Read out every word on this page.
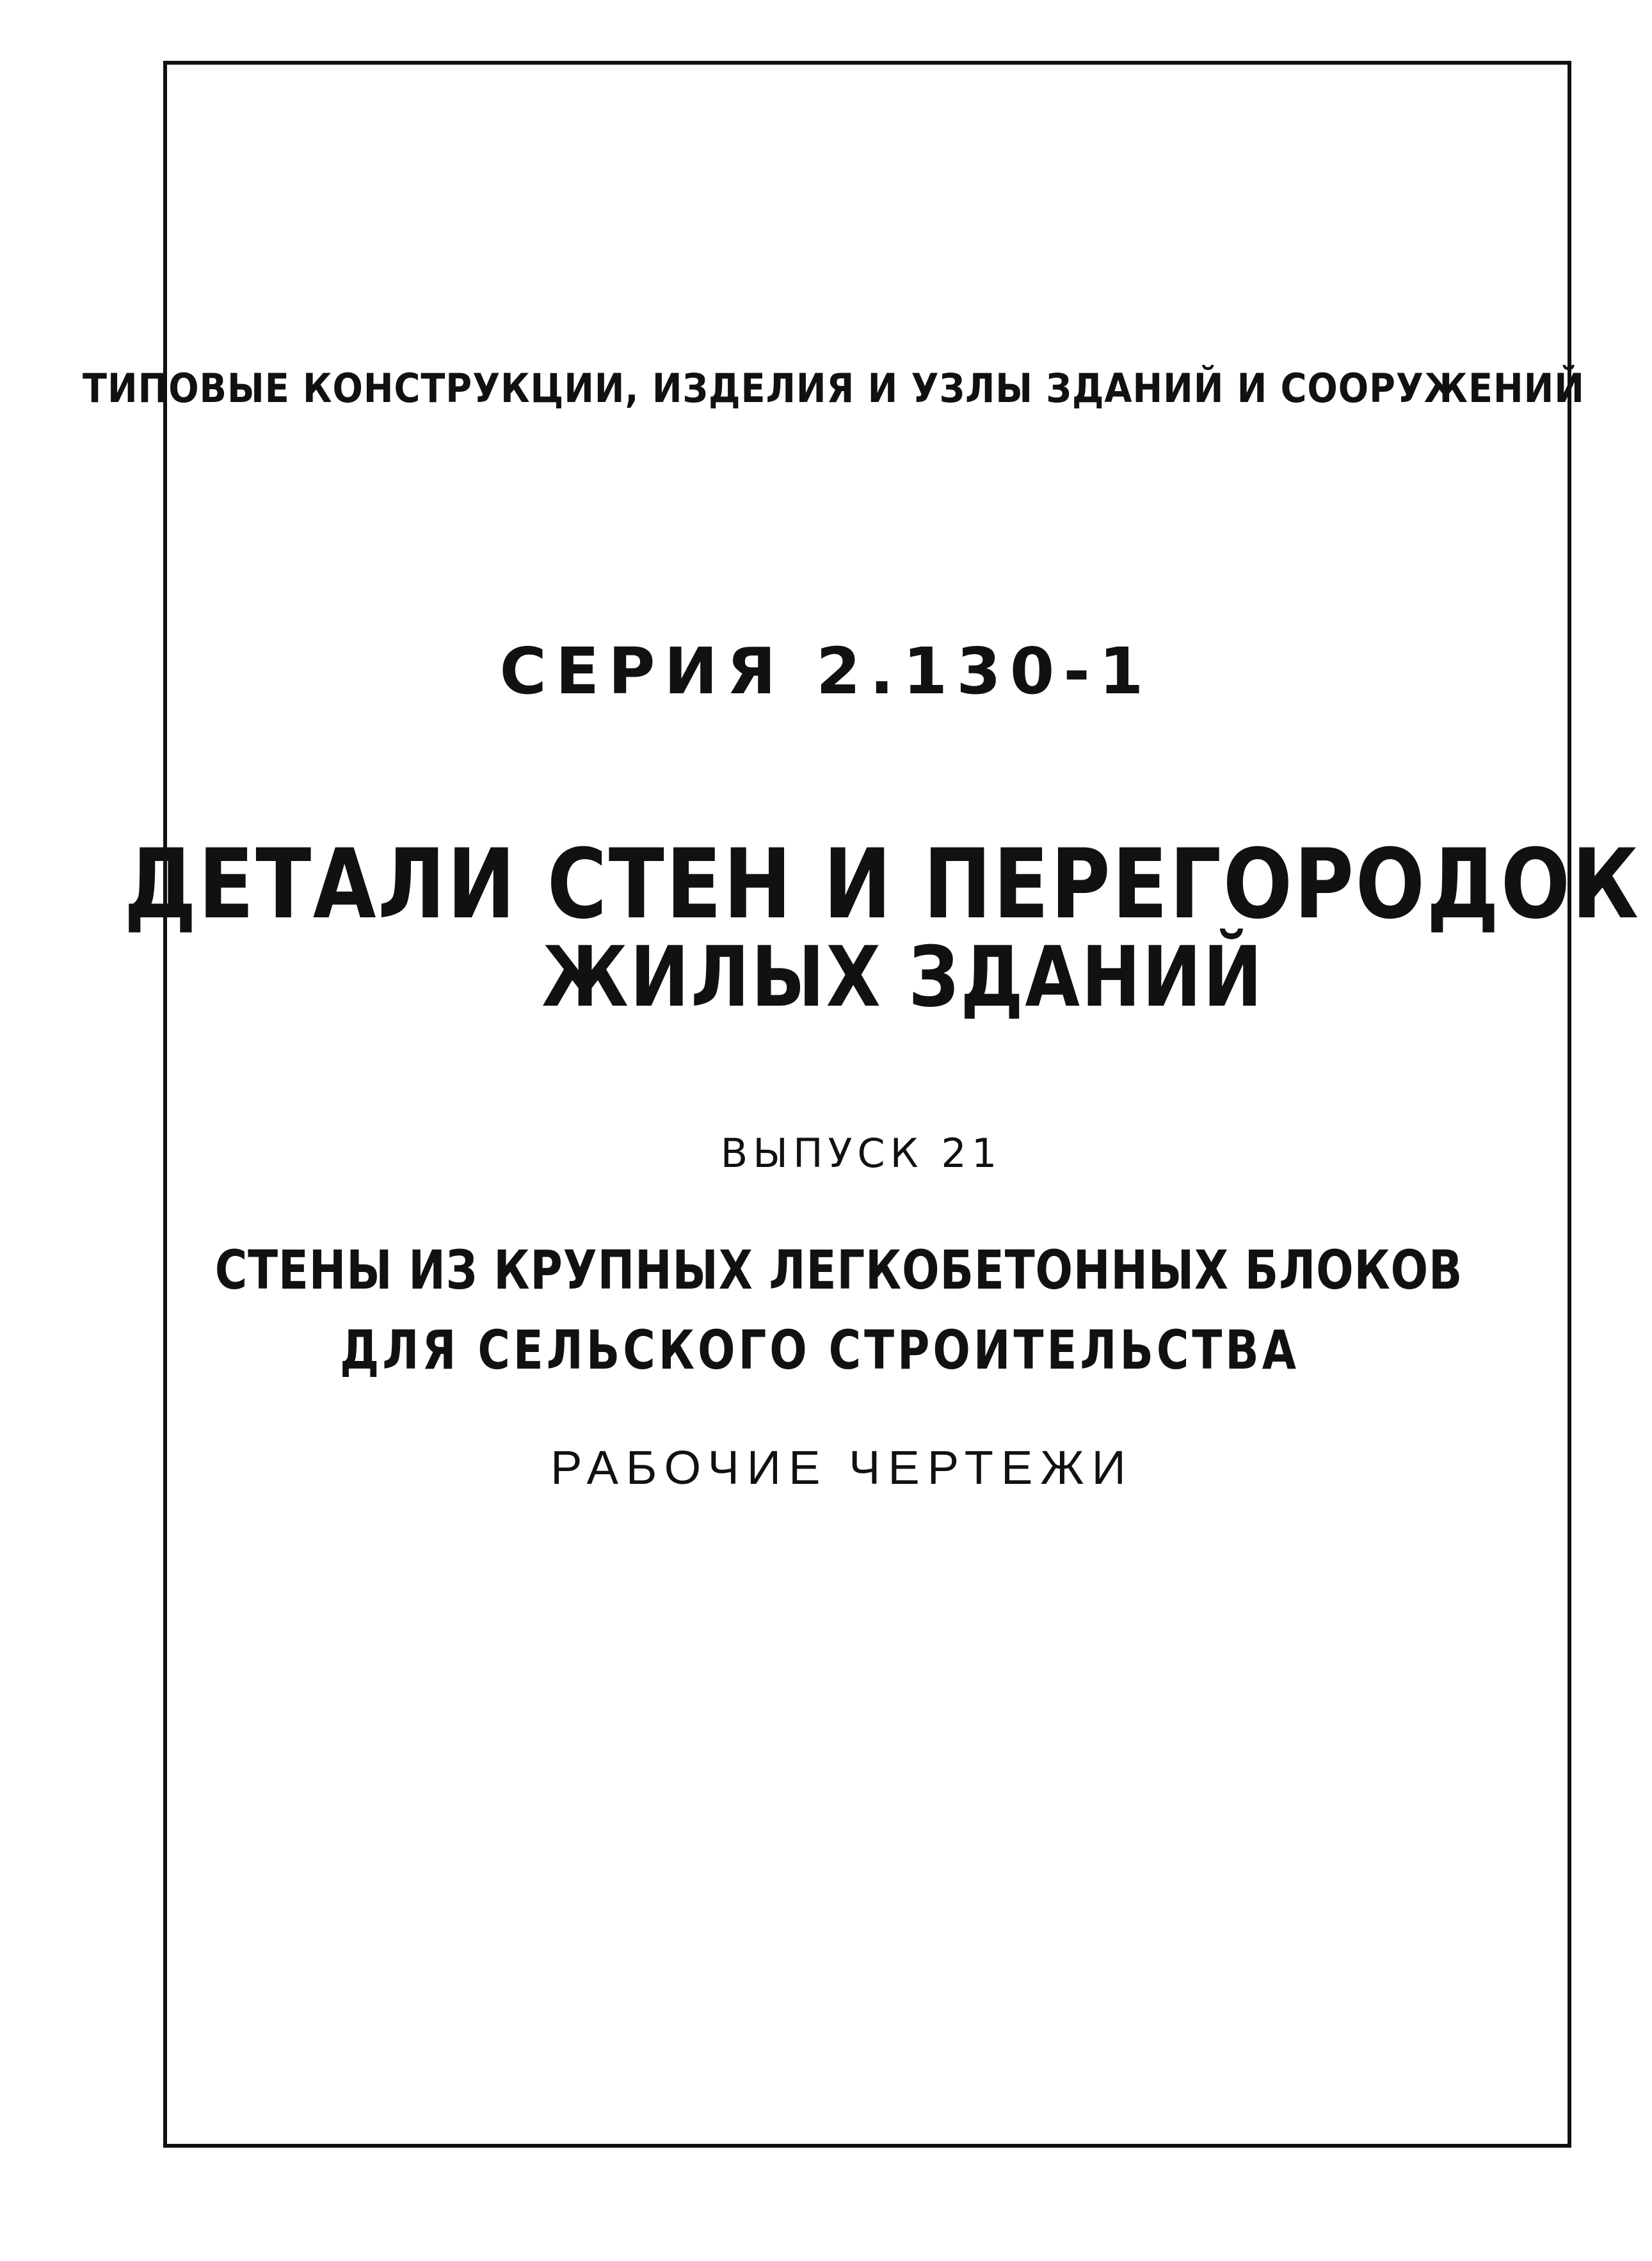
ТИПОВЫЕ КОНСТРУКЦИИ, ИЗДЕЛИЯ И УЗЛЫ ЗДАНИЙ И СООРУЖЕНИЙ
СЕРИЯ 2.130-1
ДЕТАЛИ СТЕН И ПЕРЕГОРОДОК
ЖИЛЫХ ЗДАНИЙ
ВЫПУСК 21
СТЕНЫ ИЗ КРУПНЫХ ЛЕГКОБЕТОННЫХ БЛОКОВ
ДЛЯ СЕЛЬСКОГО СТРОИТЕЛЬСТВА
РАБОЧИЕ ЧЕРТЕЖИ
